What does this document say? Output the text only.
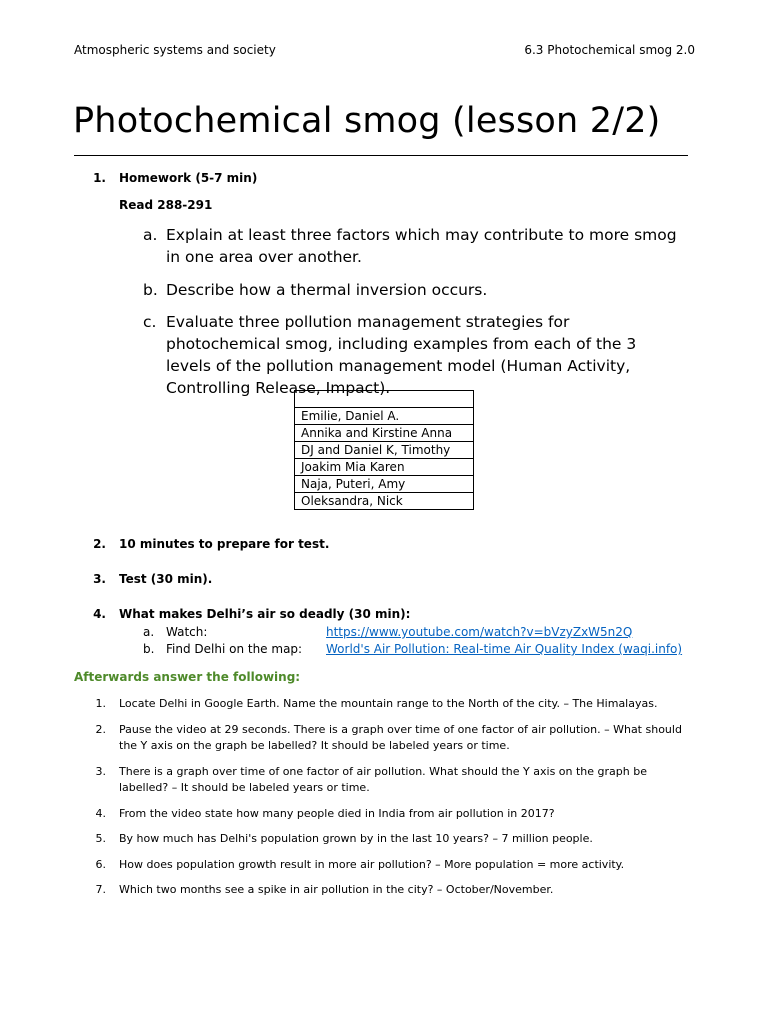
Atmospheric systems and society	6.3 Photochemical smog 2.0
Photochemical smog (lesson 2/2)
1. Homework (5-7 min)
Read 288-291
a. Explain at least three factors which may contribute to more smog in one area over another.
b. Describe how a thermal inversion occurs.
c. Evaluate three pollution management strategies for photochemical smog, including examples from each of the 3 levels of the pollution management model (Human Activity, Controlling Release, Impact).

Emilie, Daniel A.
Annika and Kirstine Anna
DJ and Daniel K, Timothy
Joakim Mia Karen
Naja, Puteri, Amy
Oleksandra, Nick
2. 10 minutes to prepare for test.
3. Test (30 min).
4. What makes Delhi’s air so deadly (30 min):
a. Watch:	https://www.youtube.com/watch?v=bVzyZxW5n2Q
b. Find Delhi on the map: World's Air Pollution: Real-time Air Quality Index (waqi.info)
Afterwards answer the following:
1. Locate Delhi in Google Earth. Name the mountain range to the North of the city. – The Himalayas.
2. Pause the video at 29 seconds. There is a graph over time of one factor of air pollution. – What should the Y axis on the graph be labelled? It should be labeled years or time.
3. There is a graph over time of one factor of air pollution. What should the Y axis on the graph be labelled? – It should be labeled years or time.
4. From the video state how many people died in India from air pollution in 2017?
5. By how much has Delhi's population grown by in the last 10 years? – 7 million people.
6. How does population growth result in more air pollution? – More population = more activity.
7. Which two months see a spike in air pollution in the city? – October/November.
